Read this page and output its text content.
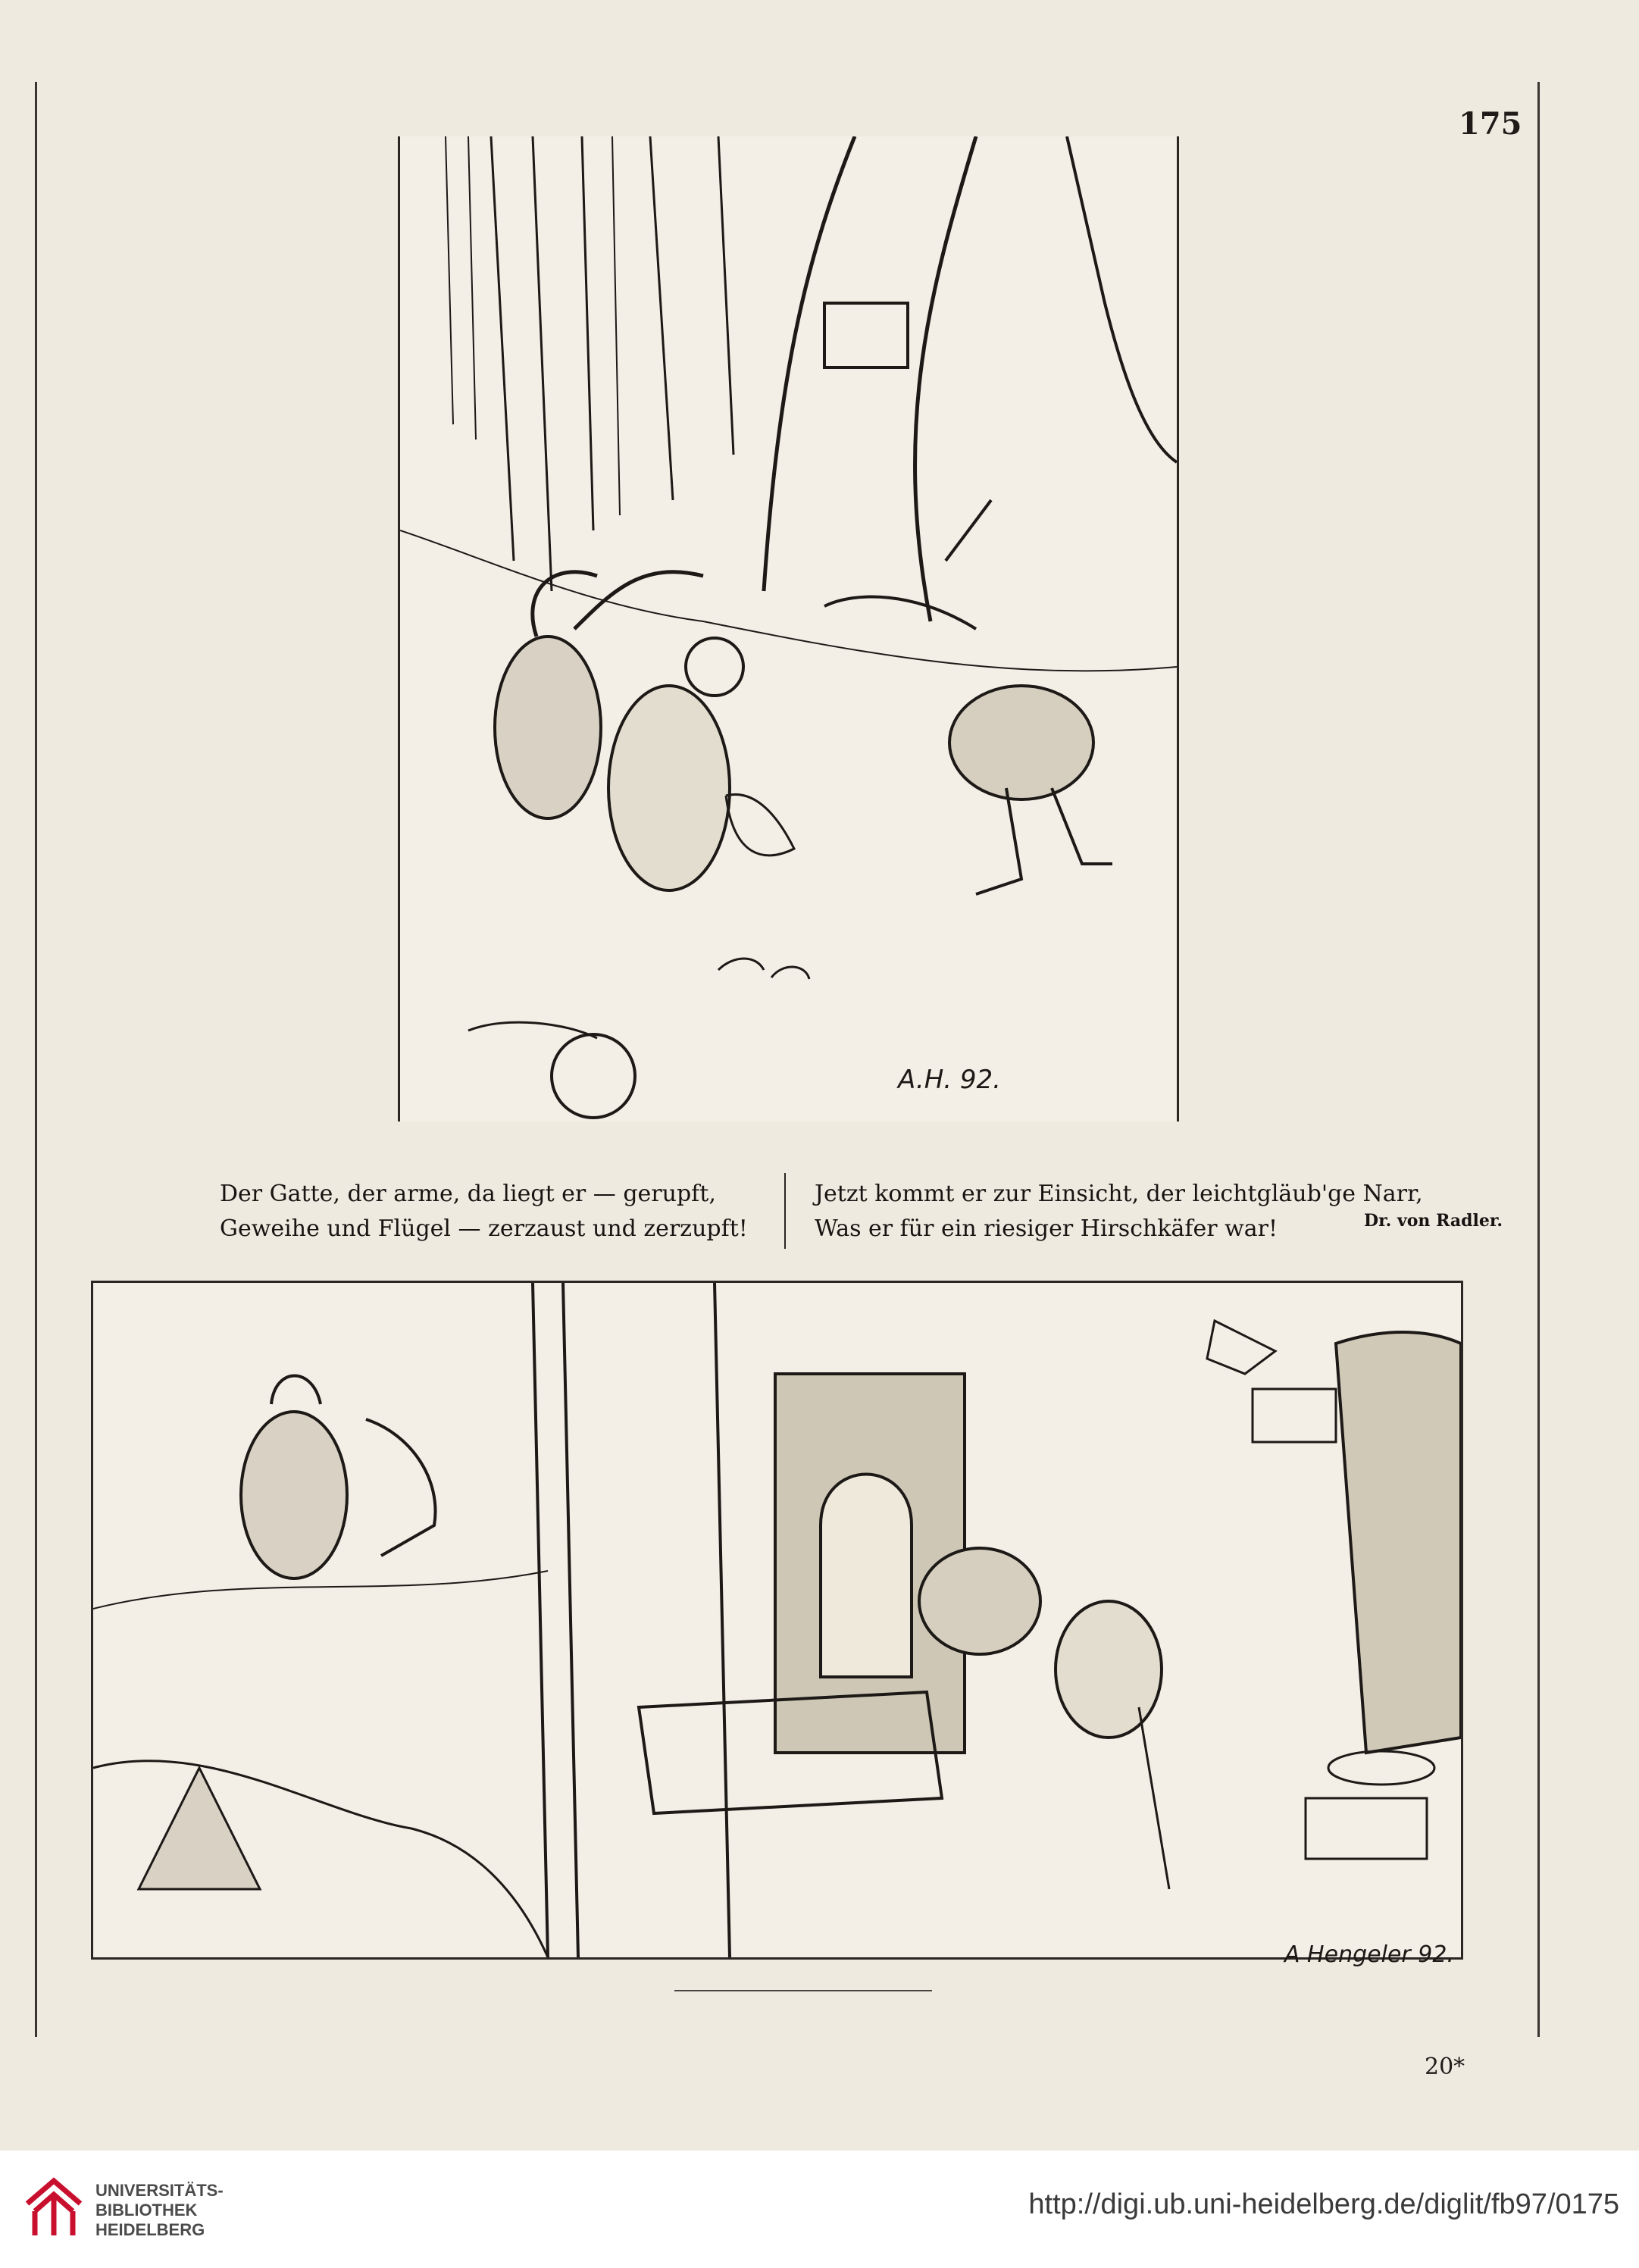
175
A.H. 92.
Der Gatte, der arme, da liegt er — gerupft,
Geweihe und Flügel — zerzaust und zerzupft!
Jetzt kommt er zur Einsicht, der leichtgläub'ge Narr,
Was er für ein riesiger Hirschkäfer war!	Dr. von Radler.
A Hengeler 92.
20*
UNIVERSITÄTS-
BIBLIOTHEK
HEIDELBERG
http://digi.ub.uni-heidelberg.de/diglit/fb97/0175
